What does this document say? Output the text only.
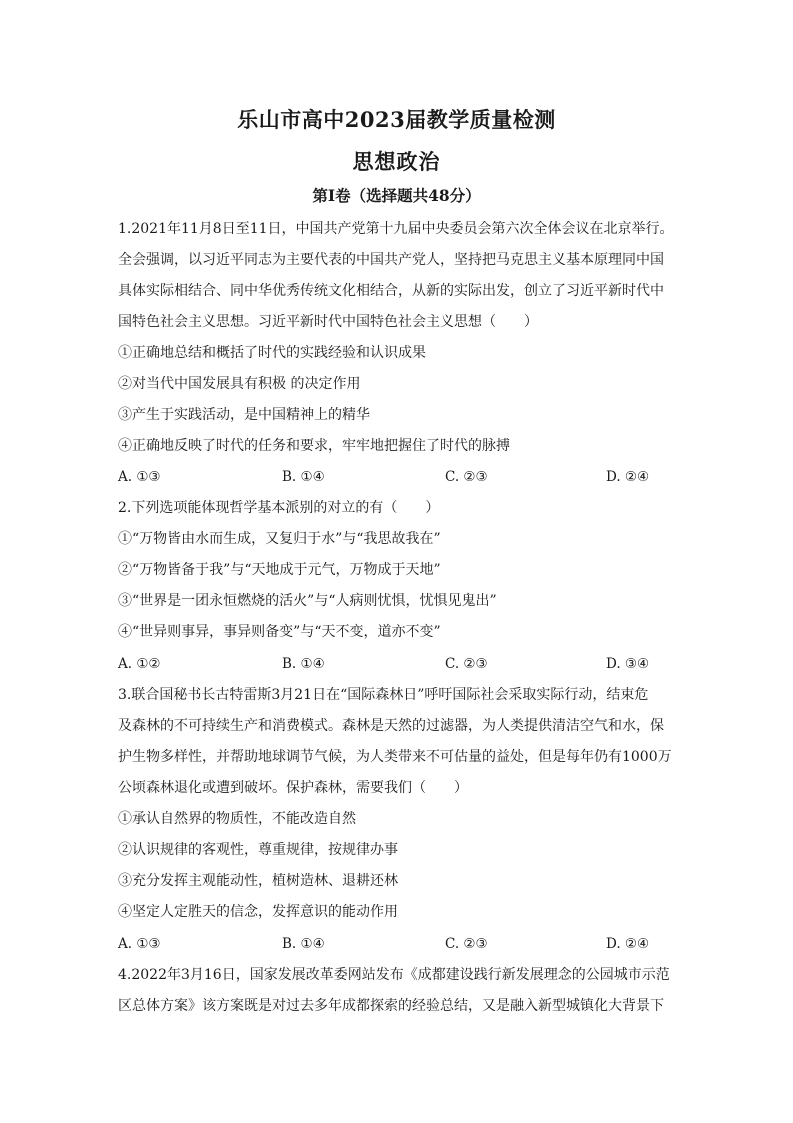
乐山市高中2023届教学质量检测
思想政治
第I卷（选择题共48分）
1.2021年11月8日至11日，中国共产党第十九届中央委员会第六次全体会议在北京举行。
全会强调，以习近平同志为主要代表的中国共产党人，坚持把马克思主义基本原理同中国
具体实际相结合、同中华优秀传统文化相结合，从新的实际出发，创立了习近平新时代中
国特色社会主义思想。习近平新时代中国特色社会主义思想（　　）
①正确地总结和概括了时代的实践经验和认识成果
②对当代中国发展具有积极 的决定作用
③产生于实践活动，是中国精神上的精华
④正确地反映了时代的任务和要求，牢牢地把握住了时代的脉搏
A. ①③	B. ①④	C. ②③	D. ②④
2.下列选项能体现哲学基本派别的对立的有（　　）
①“万物皆由水而生成，又复归于水”与“我思故我在”
②“万物皆备于我”与“天地成于元气，万物成于天地”
③“世界是一团永恒燃烧的活火”与“人病则忧惧，忧惧见鬼出”
④“世异则事异，事异则备变”与“天不变，道亦不变”
A. ①②	B. ①④	C. ②③	D. ③④
3.联合国秘书长古特雷斯3月21日在“国际森林日”呼吁国际社会采取实际行动，结束危
及森林的不可持续生产和消费模式。森林是天然的过滤器，为人类提供清洁空气和水，保
护生物多样性，并帮助地球调节气候，为人类带来不可估量的益处，但是每年仍有1000万
公顷森林退化或遭到破坏。保护森林，需要我们（　　）
①承认自然界的物质性，不能改造自然
②认识规律的客观性，尊重规律，按规律办事
③充分发挥主观能动性，植树造林、退耕还林
④坚定人定胜天的信念，发挥意识的能动作用
A. ①③	B. ①④	C. ②③	D. ②④
4.2022年3月16日，国家发展改革委网站发布《成都建设践行新发展理念的公园城市示范
区总体方案》该方案既是对过去多年成都探索的经验总结，又是融入新型城镇化大背景下
